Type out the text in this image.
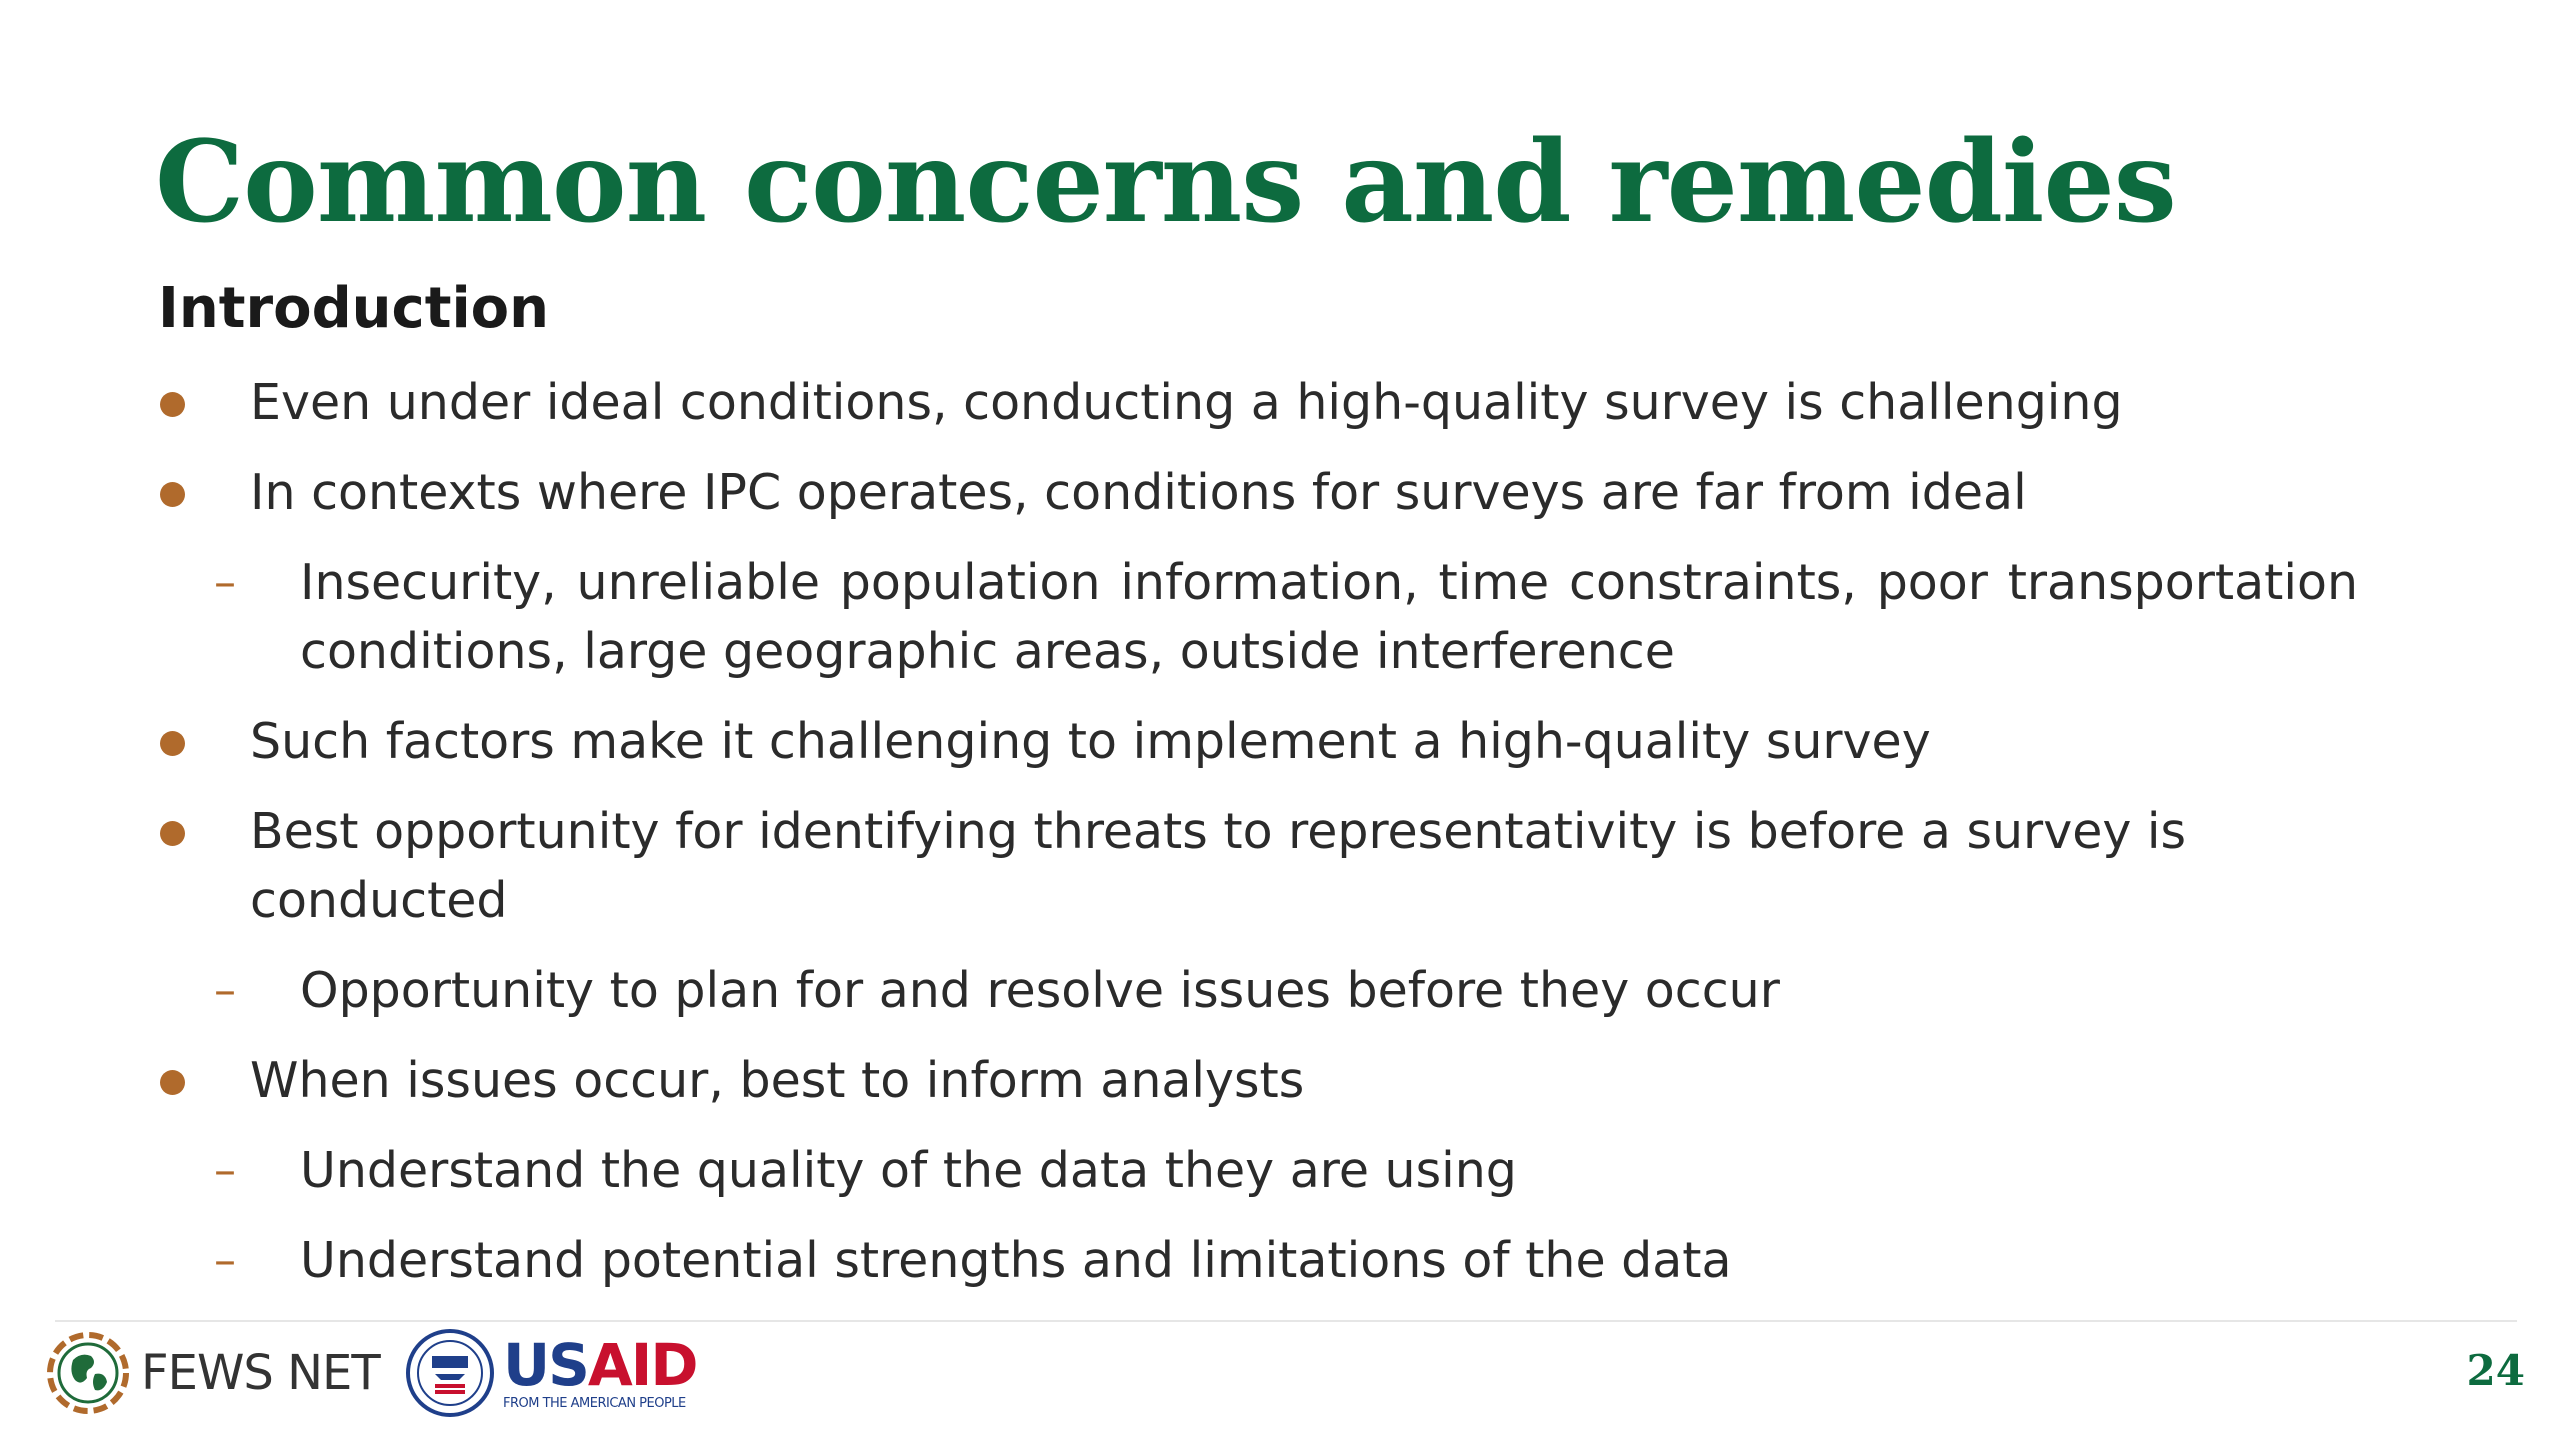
Common concerns and remedies
Introduction
Even under ideal conditions, conducting a high-quality survey is challenging
In contexts where IPC operates, conditions for surveys are far from ideal
– Insecurity, unreliable population information, time constraints, poor transportation conditions, large geographic areas, outside interference
Such factors make it challenging to implement a high-quality survey
Best opportunity for identifying threats to representativity is before a survey is conducted
– Opportunity to plan for and resolve issues before they occur
When issues occur, best to inform analysts
– Understand the quality of the data they are using
– Understand potential strengths and limitations of the data
FEWS NET USAID
FROM THE AMERICAN PEOPLE
24
